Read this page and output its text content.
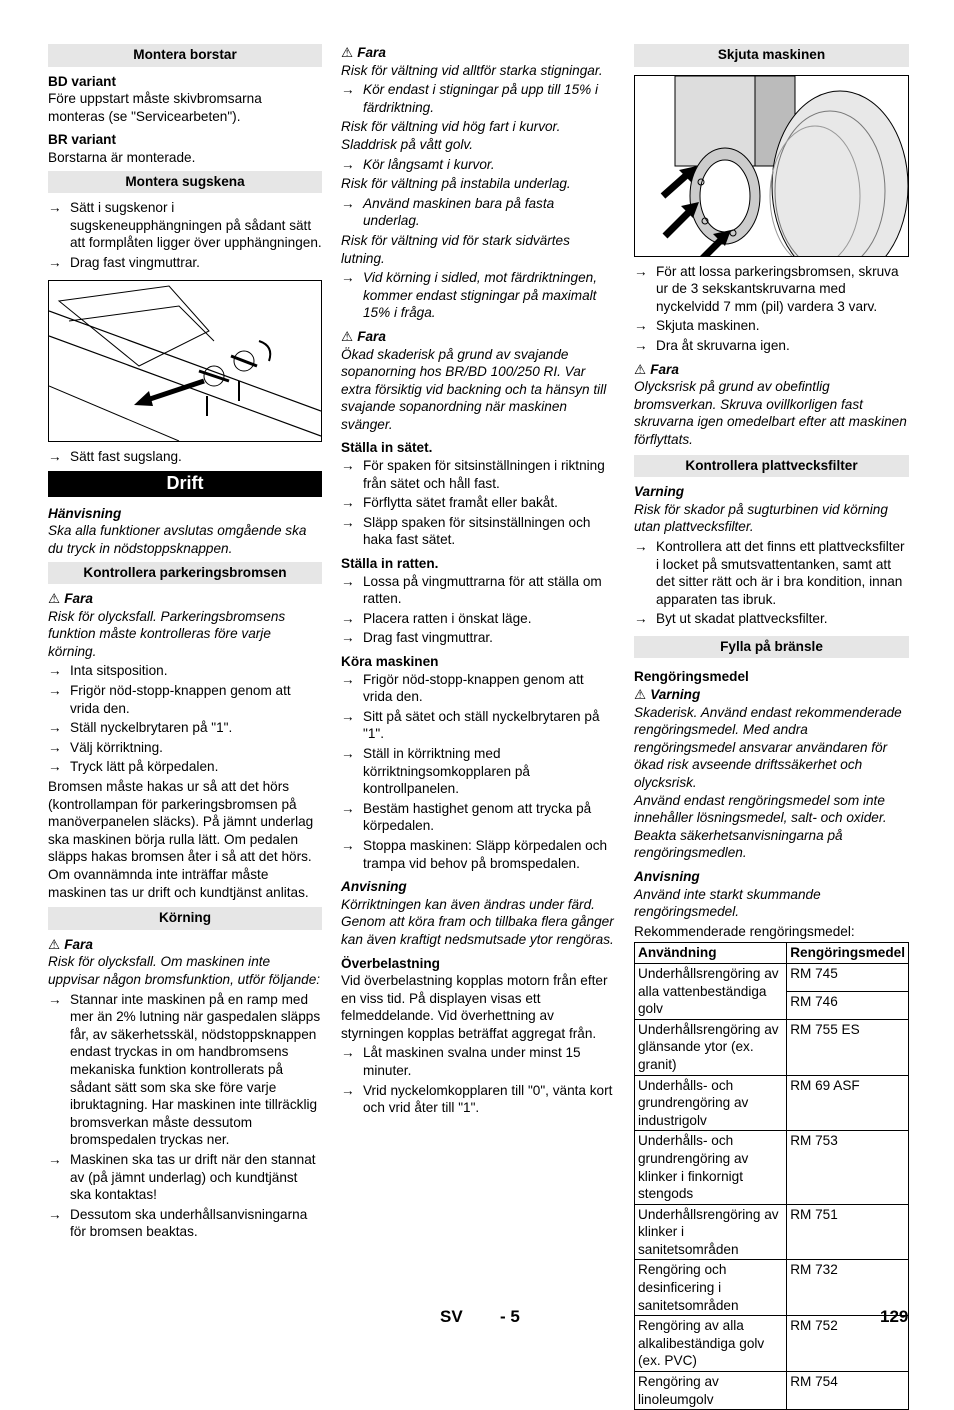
Montera borstar
BD variant

Före uppstart måste skivbromsarna monteras (se "Servicearbeten").

BR variant

Borstarna är monterade.

Montera sugskena
→ Sätt i sugskenor i sugskeneupphängningen på sådant sätt att formplåten ligger över upphängningen.
→ Drag fast vingmuttrar.
→ Sätt fast sugslang.
Drift
Hänvisning

Ska alla funktioner avslutas omgående ska du tryck in nödstoppsknappen.

Kontrollera parkeringsbromsen
⚠ Fara

Risk för olycksfall. Parkeringsbromsens funktion måste kontrolleras före varje körning.

→ Inta sitsposition.
→ Frigör nöd-stopp-knappen genom att vrida den.
→ Ställ nyckelbrytaren på "1".
→ Välj körriktning.
→ Tryck lätt på körpedalen.

Bromsen måste hakas ur så att det hörs (kontrollampan för parkeringsbromsen på manöverpanelen släcks). På jämnt underlag ska maskinen börja rulla lätt. Om pedalen släpps hakas bromsen åter i så att det hörs. Om ovannämnda inte inträffar måste maskinen tas ur drift och kundtjänst anlitas.

Körning
⚠ Fara

Risk för olycksfall. Om maskinen inte uppvisar någon bromsfunktion, utför följande:

→ Stannar inte maskinen på en ramp med mer än 2% lutning när gaspedalen släpps får, av säkerhetsskäl, nödstoppsknappen endast tryckas in om handbromsens mekaniska funktion kontrollerats på sådant sätt som ska ske före varje ibruktagning. Har maskinen inte tillräcklig bromsverkan måste dessutom bromspedalen tryckas ner.
→ Maskinen ska tas ur drift när den stannat av (på jämnt underlag) och kundtjänst ska kontaktas!
→ Dessutom ska underhållsanvisningarna för bromsen beaktas.
⚠ Fara

Risk för vältning vid alltför starka stigningar.

→ Kör endast i stigningar på upp till 15% i färdriktning.

Risk för vältning vid hög fart i kurvor. Sladdrisk på vått golv.

→ Kör långsamt i kurvor.

Risk för vältning på instabila underlag.

→ Använd maskinen bara på fasta underlag.

Risk för vältning vid för stark sidvärtes lutning.

→ Vid körning i sidled, mot färdriktningen, kommer endast stigningar på maximalt 15% i fråga.
⚠ Fara

Ökad skaderisk på grund av svajande sopanorning hos BR/BD 100/250 RI. Var extra försiktig vid backning och ta hänsyn till svajande sopanordning när maskinen svänger.

Ställa in sätet.
→ För spaken för sitsinställningen i riktning från sätet och håll fast.
→ Förflytta sätet framåt eller bakåt.
→ Släpp spaken för sitsinställningen och haka fast sätet.
Ställa in ratten.
→ Lossa på vingmuttrarna för att ställa om ratten.
→ Placera ratten i önskat läge.
→ Drag fast vingmuttrar.
Köra maskinen
→ Frigör nöd-stopp-knappen genom att vrida den.
→ Sitt på sätet och ställ nyckelbrytaren på "1".
→ Ställ in körriktning med körriktningsomkopplaren på kontrollpanelen.
→ Bestäm hastighet genom att trycka på körpedalen.
→ Stoppa maskinen: Släpp körpedalen och trampa vid behov på bromspedalen.
Anvisning

Körriktningen kan även ändras under färd. Genom att köra fram och tillbaka flera gånger kan även kraftigt nedsmutsade ytor rengöras.

Överbelastning

Vid överbelastning kopplas motorn från efter en viss tid. På displayen visas ett felmeddelande. Vid överhettning av styrningen kopplas beträffat aggregat från.

→ Låt maskinen svalna under minst 15 minuter.
→ Vrid nyckelomkopplaren till "0", vänta kort och vrid åter till "1".
Skjuta maskinen
→ För att lossa parkeringsbromsen, skruva ur de 3 sekskantskruvarna med nyckelvidd 7 mm (pil) vardera 3 varv.
→ Skjuta maskinen.
→ Dra åt skruvarna igen.
⚠ Fara

Olycksrisk på grund av obefintlig bromsverkan. Skruva ovillkorligen fast skruvarna igen omedelbart efter att maskinen förflyttats.

Kontrollera plattvecksfilter
Varning

Risk för skador på sugturbinen vid körning utan plattvecksfilter.

→ Kontrollera att det finns ett plattvecksfilter i locket på smutsvattentanken, samt att det sitter rätt och är i bra kondition, innan apparaten tas ibruk.
→ Byt ut skadat plattvecksfilter.
Fylla på bränsle
Rengöringsmedel
⚠ Varning

Skaderisk. Använd endast rekommenderade rengöringsmedel. Med andra rengöringsmedel ansvarar användaren för ökad risk avseende driftssäkerhet och olycksrisk.
Använd endast rengöringsmedel som inte innehåller lösningsmedel, salt- och oxider. Beakta säkerhetsanvisningarna på rengöringsmedlen.

Anvisning

Använd inte starkt skummande rengöringsmedel.

Rekommenderade rengöringsmedel:

Användning	Rengöringsmedel
Underhållsrengöring av alla vattenbeständiga golv	RM 745
	RM 746
Underhållsrengöring av glänsande ytor (ex. granit)	RM 755 ES
Underhålls- och grundrengöring av industrigolv	RM 69 ASF
Underhålls- och grundrengöring av klinker i finkornigt stengods	RM 753
Underhållsrengöring av klinker i sanitetsområden	RM 751
Rengöring och desinficering i sanitetsområden	RM 732
Rengöring av alla alkalibeständiga golv (ex. PVC)	RM 752
Rengöring av linoleumgolv	RM 754
SV - 5	129
